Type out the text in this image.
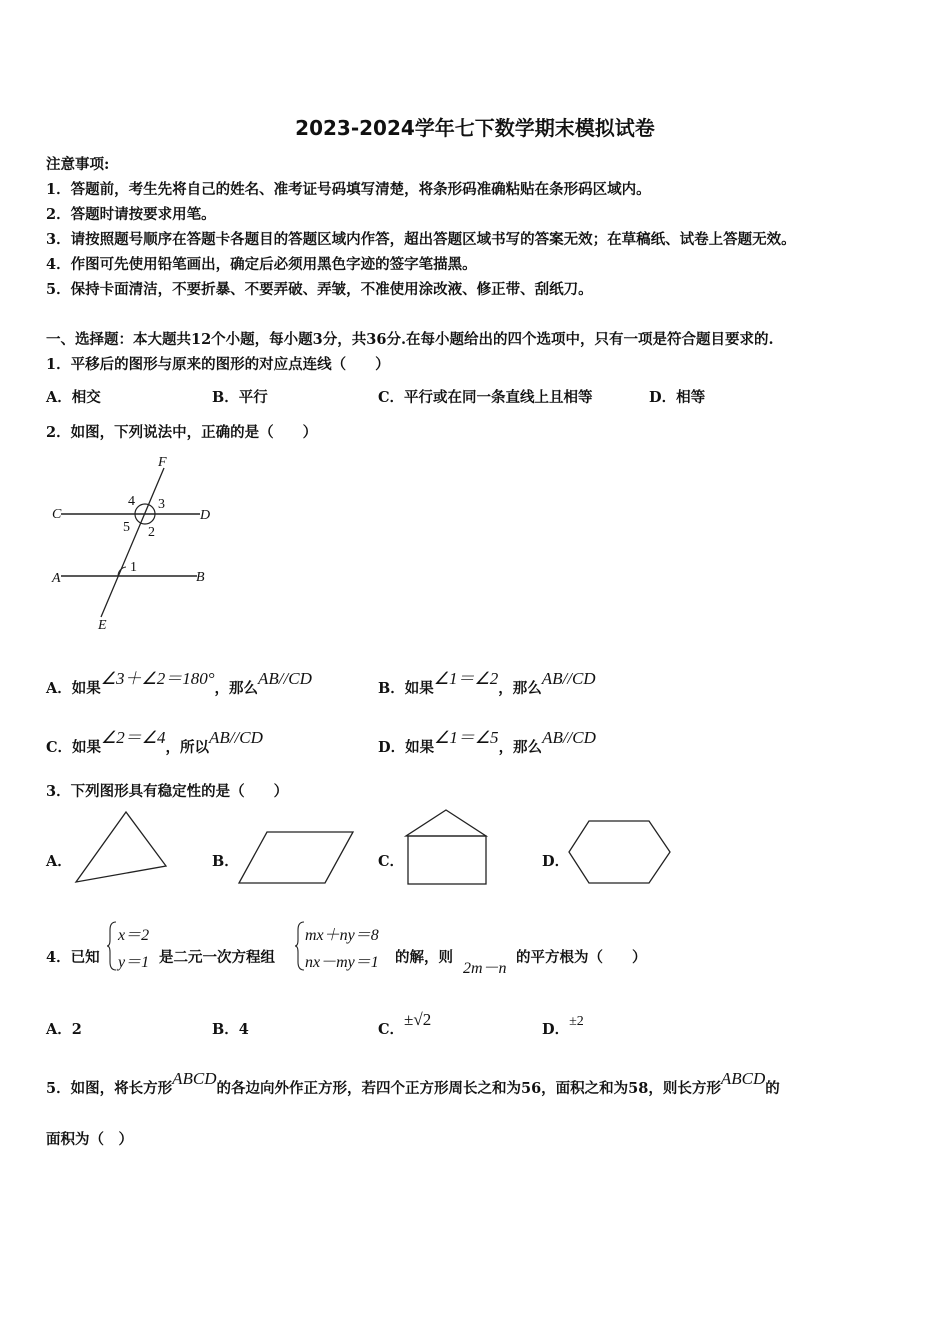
2023-2024学年七下数学期末模拟试卷
注意事项:
1．答题前，考生先将自己的姓名、准考证号码填写清楚，将条形码准确粘贴在条形码区域内。
2．答题时请按要求用笔。
3．请按照题号顺序在答题卡各题目的答题区域内作答，超出答题区域书写的答案无效；在草稿纸、试卷上答题无效。
4．作图可先使用铅笔画出，确定后必须用黑色字迹的签字笔描黑。
5．保持卡面清洁，不要折暴、不要弄破、弄皱，不准使用涂改液、修正带、刮纸刀。
一、选择题：本大题共12个小题，每小题3分，共36分.在每小题给出的四个选项中，只有一项是符合题目要求的.
1．平移后的图形与原来的图形的对应点连线（　　）
A．相交	B．平行	C．平行或在同一条直线上且相等	D．相等
2．如图，下列说法中，正确的是（　　）
F
C	D
A	B
E
4 3
5 2
1
A．如果∠3＋∠2＝180°，那么AB//CD
B．如果∠1＝∠2，那么AB//CD
C．如果∠2＝∠4，所以AB//CD
D．如果∠1＝∠5，那么AB//CD
3．下列图形具有稳定性的是（　　）
A．	B．	C．	D．
4．已知
x＝2
y＝1 是二元一次方程组
mx＋ny＝8
nx－my＝1 的解，则
2m－n
的平方根为（　　）
A．2	B．4	C．±√2
D．±2
5．如图，将长方形ABCD的各边向外作正方形，若四个正方形周长之和为56，面积之和为58，则长方形ABCD的
面积为（　）
